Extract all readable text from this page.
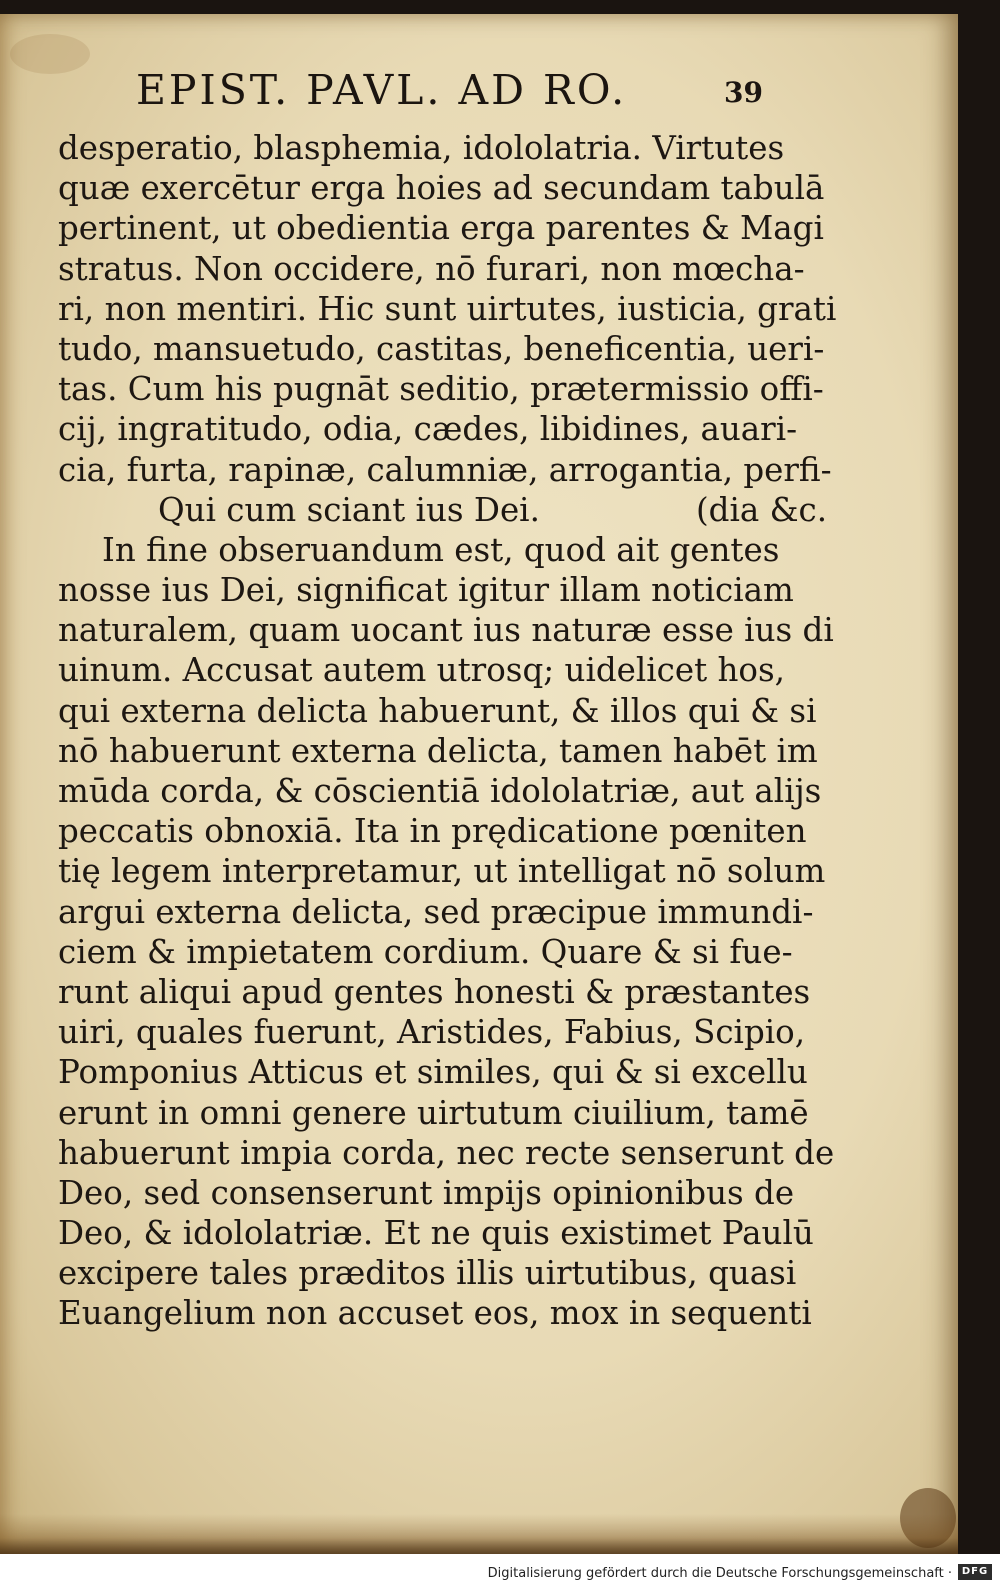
EPIST. PAVL. AD RO.	39
desperatio, blasphemia, idololatria. Virtutes
quæ exercētur erga hoies ad secundam tabulā
pertinent, ut obedientia erga parentes & Magi
stratus. Non occidere, nō furari, non mœcha-
ri, non mentiri. Hic sunt uirtutes, iusticia, grati
tudo, mansuetudo, castitas, beneficentia, ueri-
tas. Cum his pugnāt seditio, prætermissio offi-
cij, ingratitudo, odia, cædes, libidines, auari-
cia, furta, rapinæ, calumniæ, arrogantia, perfi-
Qui cum sciant ius Dei.	(dia &c.
In fine obseruandum est, quod ait gentes
nosse ius Dei, significat igitur illam noticiam
naturalem, quam uocant ius naturæ esse ius di
uinum. Accusat autem utrosq; uidelicet hos,
qui externa delicta habuerunt, & illos qui & si
nō habuerunt externa delicta, tamen habēt im
mūda corda, & cōscientiā idololatriæ, aut alijs
peccatis obnoxiā. Ita in prędicatione pœniten
tię legem interpretamur, ut intelligat nō solum
argui externa delicta, sed præcipue immundi-
ciem & impietatem cordium. Quare & si fue-
runt aliqui apud gentes honesti & præstantes
uiri, quales fuerunt, Aristides, Fabius, Scipio,
Pomponius Atticus et similes, qui & si excellu
erunt in omni genere uirtutum ciuilium, tamē
habuerunt impia corda, nec recte senserunt de
Deo, sed consenserunt impijs opinionibus de
Deo, & idololatriæ. Et ne quis existimet Paulū
excipere tales præditos illis uirtutibus, quasi
Euangelium non accuset eos, mox in sequenti
Digitalisierung gefördert durch die Deutsche Forschungsgemeinschaft · DFG
